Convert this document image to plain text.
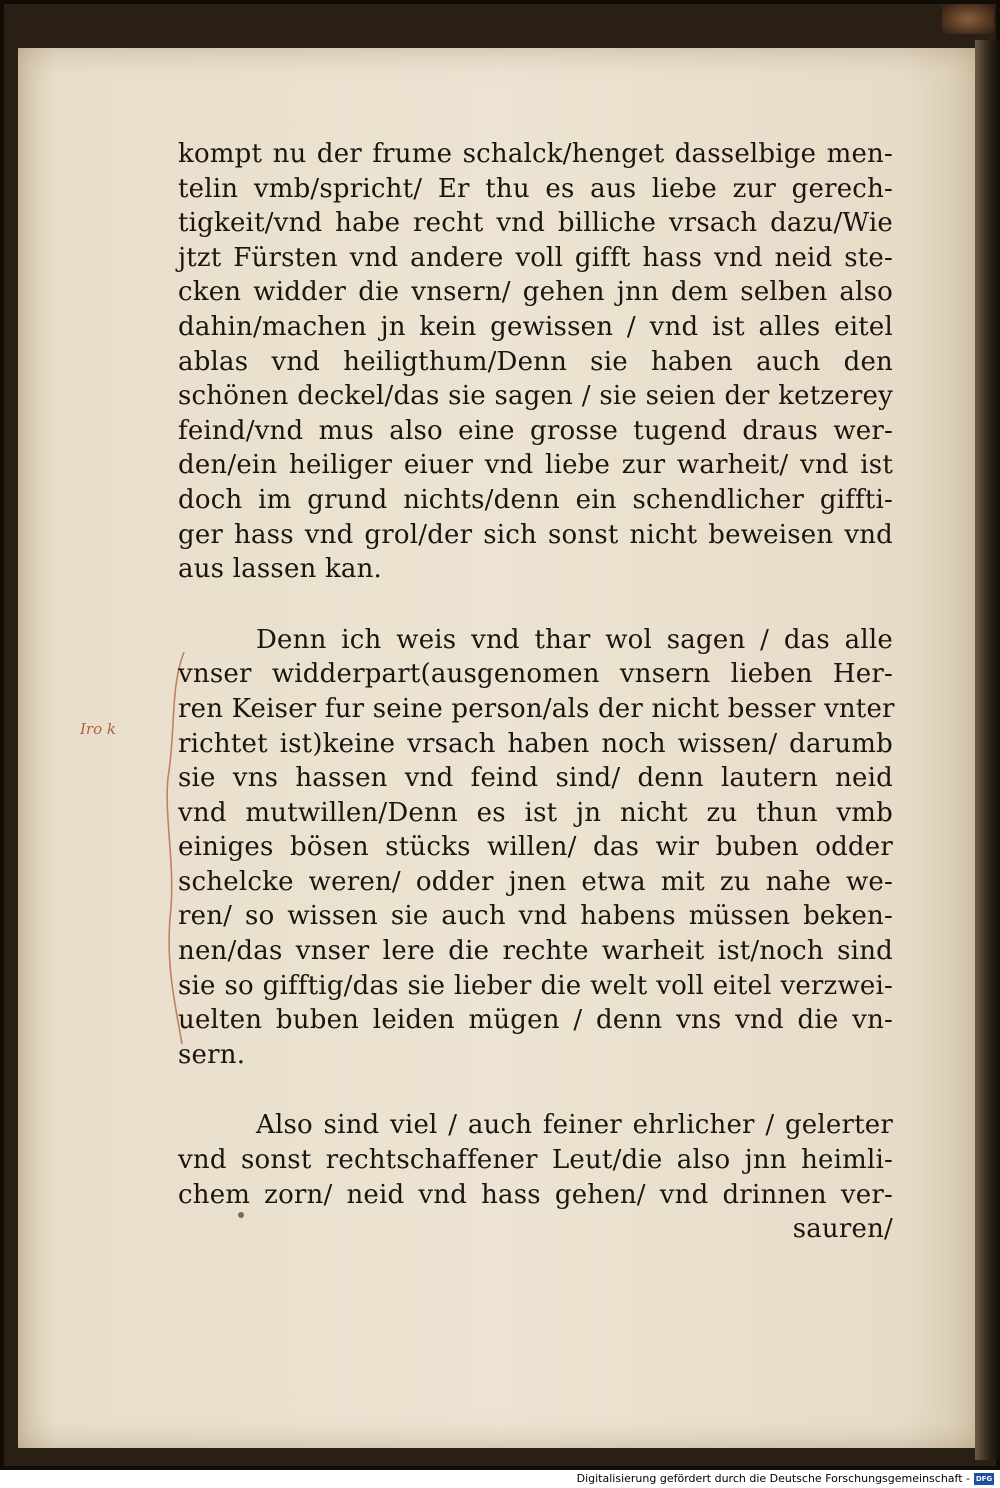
Iro k
kompt nu der frume schalck/henget dasselbige men-
telin vmb/spricht/ Er thu es aus liebe zur gerech-
tigkeit/vnd habe recht vnd billiche vrsach dazu/Wie
jtzt Fürsten vnd andere voll gifft hass vnd neid ste-
cken widder die vnsern/ gehen jnn dem selben also
dahin/machen jn kein gewissen / vnd ist alles eitel
ablas vnd heiligthum/Denn sie haben auch den
schönen deckel/das sie sagen / sie seien der ketzerey
feind/vnd mus also eine grosse tugend draus wer-
den/ein heiliger eiuer vnd liebe zur warheit/ vnd ist
doch im grund nichts/denn ein schendlicher giffti-
ger hass vnd grol/der sich sonst nicht beweisen vnd
aus lassen kan.
Denn ich weis vnd thar wol sagen / das alle
vnser widderpart(ausgenomen vnsern lieben Her-
ren Keiser fur seine person/als der nicht besser vnter
richtet ist)keine vrsach haben noch wissen/ darumb
sie vns hassen vnd feind sind/ denn lautern neid
vnd mutwillen/Denn es ist jn nicht zu thun vmb
einiges bösen stücks willen/ das wir buben odder
schelcke weren/ odder jnen etwa mit zu nahe we-
ren/ so wissen sie auch vnd habens müssen beken-
nen/das vnser lere die rechte warheit ist/noch sind
sie so gifftig/das sie lieber die welt voll eitel verzwei-
uelten buben leiden mügen / denn vns vnd die vn-
sern.
Also sind viel / auch feiner ehrlicher / gelerter
vnd sonst rechtschaffener Leut/die also jnn heimli-
chem zorn/ neid vnd hass gehen/ vnd drinnen ver-
sauren/
Digitalisierung gefördert durch die Deutsche Forschungsgemeinschaft - DFG
